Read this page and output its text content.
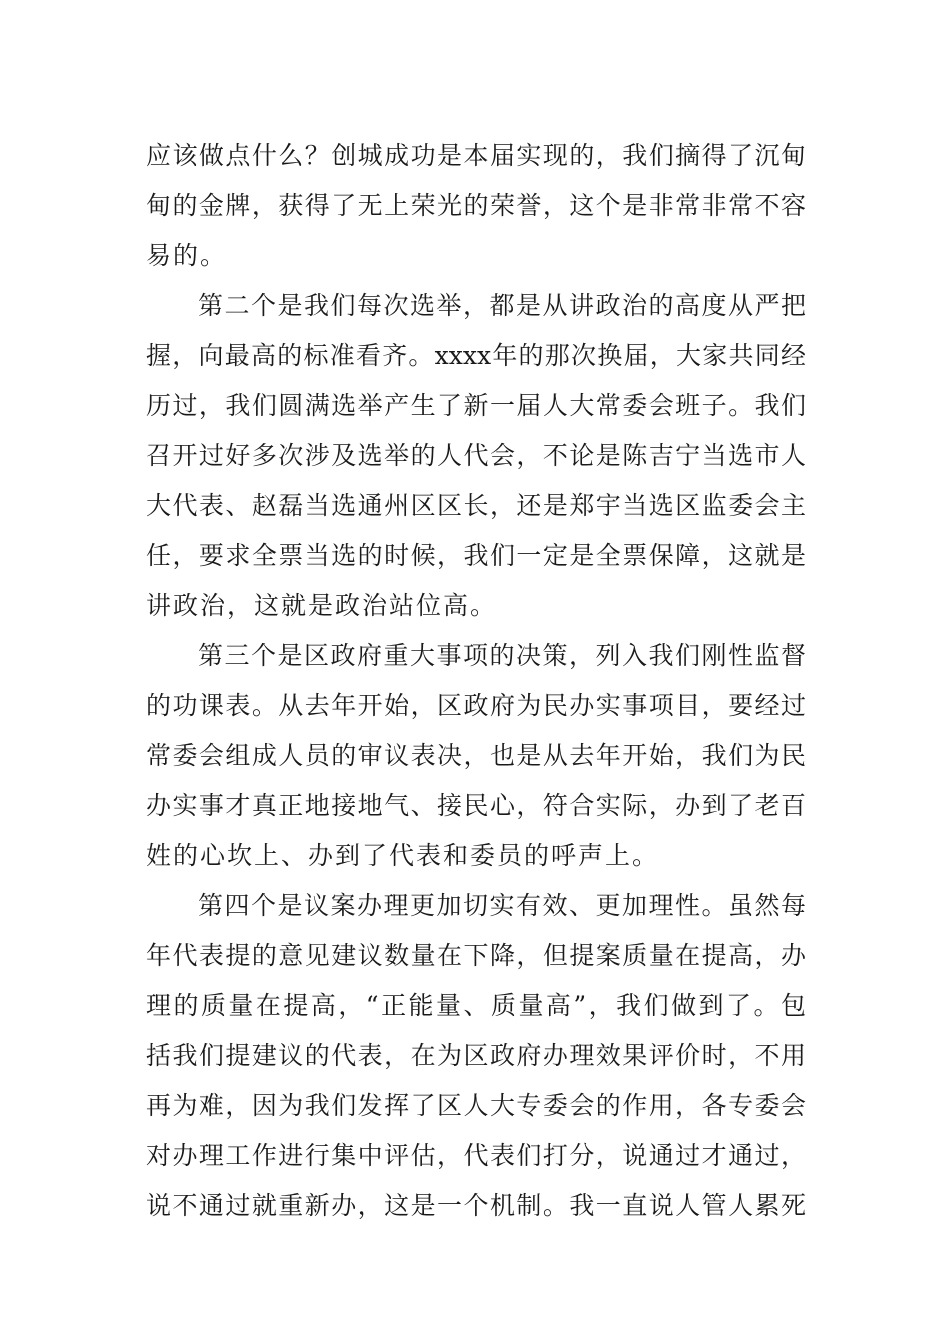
应该做点什么？创城成功是本届实现的，我们摘得了沉甸
甸的金牌，获得了无上荣光的荣誉，这个是非常非常不容
易的。
第二个是我们每次选举，都是从讲政治的高度从严把
握，向最高的标准看齐。xxxx年的那次换届，大家共同经
历过，我们圆满选举产生了新一届人大常委会班子。我们
召开过好多次涉及选举的人代会，不论是陈吉宁当选市人
大代表、赵磊当选通州区区长，还是郑宇当选区监委会主
任，要求全票当选的时候，我们一定是全票保障，这就是
讲政治，这就是政治站位高。
第三个是区政府重大事项的决策，列入我们刚性监督
的功课表。从去年开始，区政府为民办实事项目，要经过
常委会组成人员的审议表决，也是从去年开始，我们为民
办实事才真正地接地气、接民心，符合实际，办到了老百
姓的心坎上、办到了代表和委员的呼声上。
第四个是议案办理更加切实有效、更加理性。虽然每
年代表提的意见建议数量在下降，但提案质量在提高，办
理的质量在提高，“正能量、质量高”，我们做到了。包
括我们提建议的代表，在为区政府办理效果评价时，不用
再为难，因为我们发挥了区人大专委会的作用，各专委会
对办理工作进行集中评估，代表们打分，说通过才通过，
说不通过就重新办，这是一个机制。我一直说人管人累死
